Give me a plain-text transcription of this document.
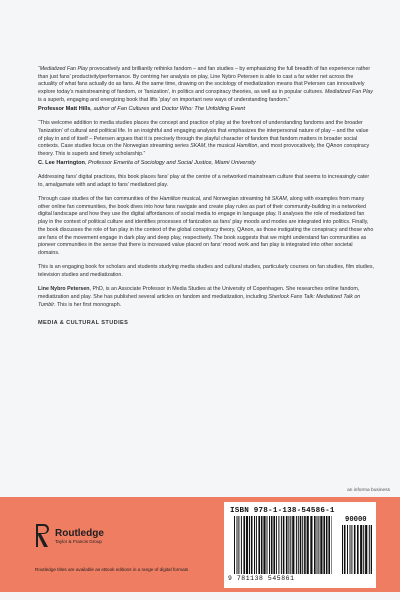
“Mediatized Fan Play provocatively and brilliantly rethinks fandom – and fan studies – by emphasizing the full breadth of fan experience rather than just fans’ productivity/performance. By centring her analysis on play, Line Nybro Petersen is able to cast a far wider net across the actuality of what fans actually do as fans. At the same time, drawing on the sociology of mediatization means that Petersen can innovatively explore today’s mainstreaming of fandom, or ‘fanization’, in politics and conspiracy theories, as well as in popular cultures. Mediatized Fan Play is a superb, engaging and energizing book that lifts ‘play’ on important new ways of understanding fandom.”

Professor Matt Hills, author of Fan Cultures and Doctor Who: The Unfolding Event

“This welcome addition to media studies places the concept and practice of play at the forefront of understanding fandoms and the broader ‘fanization’ of cultural and political life. In an insightful and engaging analysis that emphasizes the interpersonal nature of play – and the value of play in and of itself – Petersen argues that it is precisely through the playful character of fandom that fandom matters in broader social contexts. Case studies focus on the Norwegian streaming series SKAM, the musical Hamilton, and most provocatively, the QAnon conspiracy theory. This is superb and timely scholarship.”

C. Lee Harrington, Professor Emerita of Sociology and Social Justice, Miami University

Addressing fans’ digital practices, this book places fans’ play at the centre of a networked mainstream culture that seems to increasingly cater to, amalgamate with and adapt to fans’ mediatized play.

Through case studies of the fan communities of the Hamilton musical, and Norwegian streaming hit SKAM, along with examples from many other online fan communities, the book dives into how fans navigate and create play rules as part of their community-building in a networked digital landscape and how they use the digital affordances of social media to engage in language play. It analyses the role of mediatized fan play in the context of political culture and identifies processes of fanization as fans’ play moods and modes are integrated into politics. Finally, the book discusses the role of fan play in the context of the global conspiracy theory, QAnon, as those instigating the conspiracy and those who are fans of the movement engage in dark play and deep play, respectively. The book suggests that we might understand fan communities as pioneer communities in the sense that there is increased value placed on fans’ mood work and fan play is integrated into other societal domains.

This is an engaging book for scholars and students studying media studies and cultural studies, particularly courses on fan studies, film studies, television studies and mediatization.

Line Nybro Petersen, PhD, is an Associate Professor in Media Studies at the University of Copenhagen. She researches online fandom, mediatization and play. She has published several articles on fandom and mediatization, including Sherlock Fans Talk: Mediatized Talk on Tumblr. This is her first monograph.

MEDIA & CULTURAL STUDIES
an informa business
Routledge
Taylor & Francis Group
Routledge titles are available as eBook editions in a range of digital formats
ISBN 978-1-138-54586-1
90000
9 781138 545861
